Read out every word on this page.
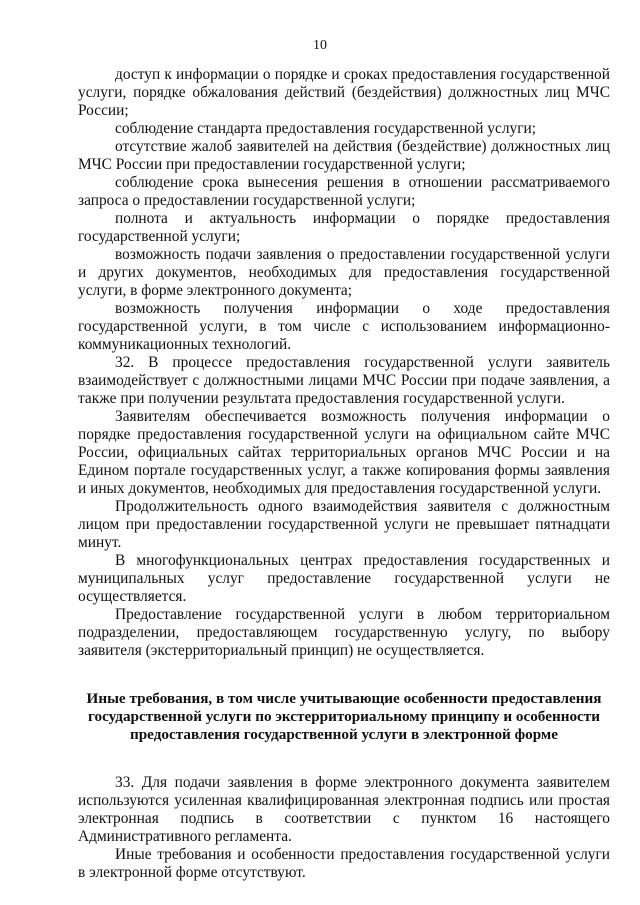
10

доступ к информации о порядке и сроках предоставления государственной услуги, порядке обжалования действий (бездействия) должностных лиц МЧС России;

соблюдение стандарта предоставления государственной услуги;

отсутствие жалоб заявителей на действия (бездействие) должностных лиц МЧС России при предоставлении государственной услуги;

соблюдение срока вынесения решения в отношении рассматриваемого запроса о предоставлении государственной услуги;

полнота и актуальность информации о порядке предоставления государственной услуги;

возможность подачи заявления о предоставлении государственной услуги и других документов, необходимых для предоставления государственной услуги, в форме электронного документа;

возможность получения информации о ходе предоставления государственной услуги, в том числе с использованием информационно-коммуникационных технологий.

32. В процессе предоставления государственной услуги заявитель взаимодействует с должностными лицами МЧС России при подаче заявления, а также при получении результата предоставления государственной услуги.

Заявителям обеспечивается возможность получения информации о порядке предоставления государственной услуги на официальном сайте МЧС России, официальных сайтах территориальных органов МЧС России и на Едином портале государственных услуг, а также копирования формы заявления и иных документов, необходимых для предоставления государственной услуги.

Продолжительность одного взаимодействия заявителя с должностным лицом при предоставлении государственной услуги не превышает пятнадцати минут.

В многофункциональных центрах предоставления государственных и муниципальных услуг предоставление государственной услуги не осуществляется.

Предоставление государственной услуги в любом территориальном подразделении, предоставляющем государственную услугу, по выбору заявителя (экстерриториальный принцип) не осуществляется.

Иные требования, в том числе учитывающие особенности предоставления
государственной услуги по экстерриториальному принципу и особенности
предоставления государственной услуги в электронной форме

33. Для подачи заявления в форме электронного документа заявителем используются усиленная квалифицированная электронная подпись или простая электронная подпись в соответствии с пунктом 16 настоящего Административного регламента.

Иные требования и особенности предоставления государственной услуги в электронной форме отсутствуют.
